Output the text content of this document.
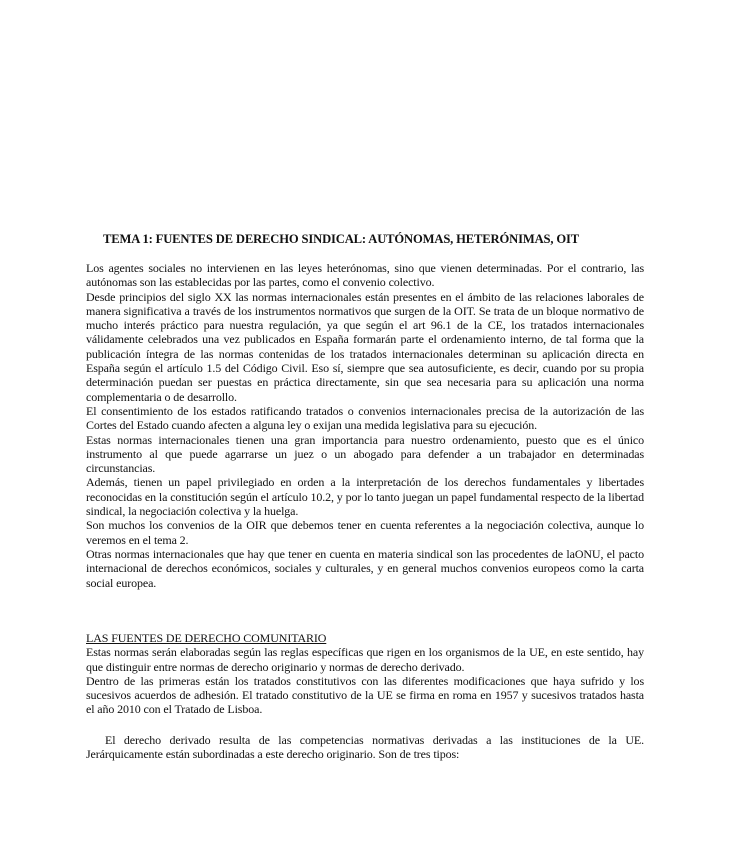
TEMA 1: FUENTES DE DERECHO SINDICAL: AUTÓNOMAS, HETERÓNIMAS, OIT

Los agentes sociales no intervienen en las leyes heterónomas, sino que vienen determinadas. Por el contrario, las autónomas son las establecidas por las partes, como el convenio colectivo.

Desde principios del siglo XX las normas internacionales están presentes en el ámbito de las relaciones laborales de manera significativa a través de los instrumentos normativos que surgen de la OIT. Se trata de un bloque normativo de mucho interés práctico para nuestra regulación, ya que según el art 96.1 de la CE, los tratados internacionales válidamente celebrados una vez publicados en España formarán parte el ordenamiento interno, de tal forma que la publicación íntegra de las normas contenidas de los tratados internacionales determinan su aplicación directa en España según el artículo 1.5 del Código Civil. Eso sí, siempre que sea autosuficiente, es decir, cuando por su propia determinación puedan ser puestas en práctica directamente, sin que sea necesaria para su aplicación una norma complementaria o de desarrollo.

El consentimiento de los estados ratificando tratados o convenios internacionales precisa de la autorización de las Cortes del Estado cuando afecten a alguna ley o exijan una medida legislativa para su ejecución.

Estas normas internacionales tienen una gran importancia para nuestro ordenamiento, puesto que es el único instrumento al que puede agarrarse un juez o un abogado para defender a un trabajador en determinadas circunstancias.

Además, tienen un papel privilegiado en orden a la interpretación de los derechos fundamentales y libertades reconocidas en la constitución según el artículo 10.2, y por lo tanto juegan un papel fundamental respecto de la libertad sindical, la negociación colectiva y la huelga.

Son muchos los convenios de la OIR que debemos tener en cuenta referentes a la negociación colectiva, aunque lo veremos en el tema 2.

Otras normas internacionales que hay que tener en cuenta en materia sindical son las procedentes de laONU, el pacto internacional de derechos económicos, sociales y culturales, y en general muchos convenios europeos como la carta social europea.

LAS FUENTES DE DERECHO COMUNITARIO

Estas normas serán elaboradas según las reglas específicas que rigen en los organismos de la UE, en este sentido, hay que distinguir entre normas de derecho originario y normas de derecho derivado.

Dentro de las primeras están los tratados constitutivos con las diferentes modificaciones que haya sufrido y los sucesivos acuerdos de adhesión. El tratado constitutivo de la UE se firma en roma en 1957 y sucesivos tratados hasta el año 2010 con el Tratado de Lisboa.

El derecho derivado resulta de las competencias normativas derivadas a las instituciones de la UE. Jerárquicamente están subordinadas a este derecho originario. Son de tres tipos:
